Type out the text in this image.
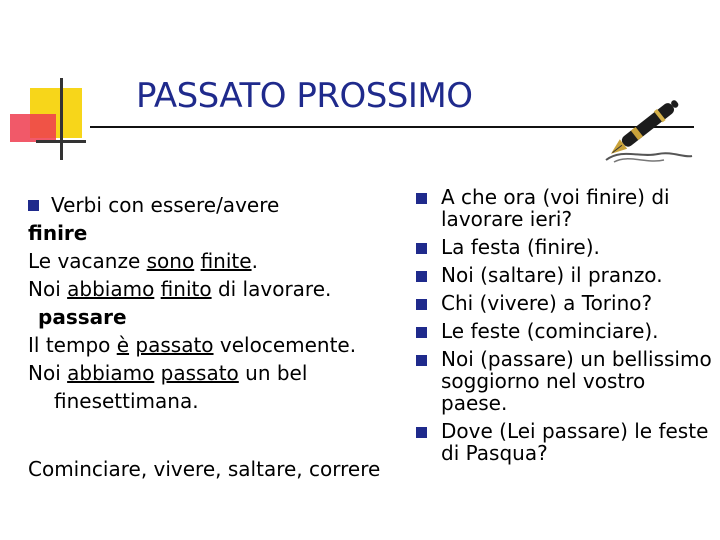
PASSATO PROSSIMO
Verbi con essere/avere
finire
Le vacanze sono finite.
Noi abbiamo finito di lavorare.
passare
Il tempo è passato velocemente.
Noi abbiamo passato un bel
finesettimana.
Cominciare, vivere, saltare, correre
A che ora (voi finire) di lavorare ieri?
La festa (finire).
Noi (saltare) il pranzo.
Chi (vivere) a Torino?
Le feste (cominciare).
Noi (passare) un bellissimo soggiorno nel vostro paese.
Dove (Lei passare) le feste di Pasqua?
